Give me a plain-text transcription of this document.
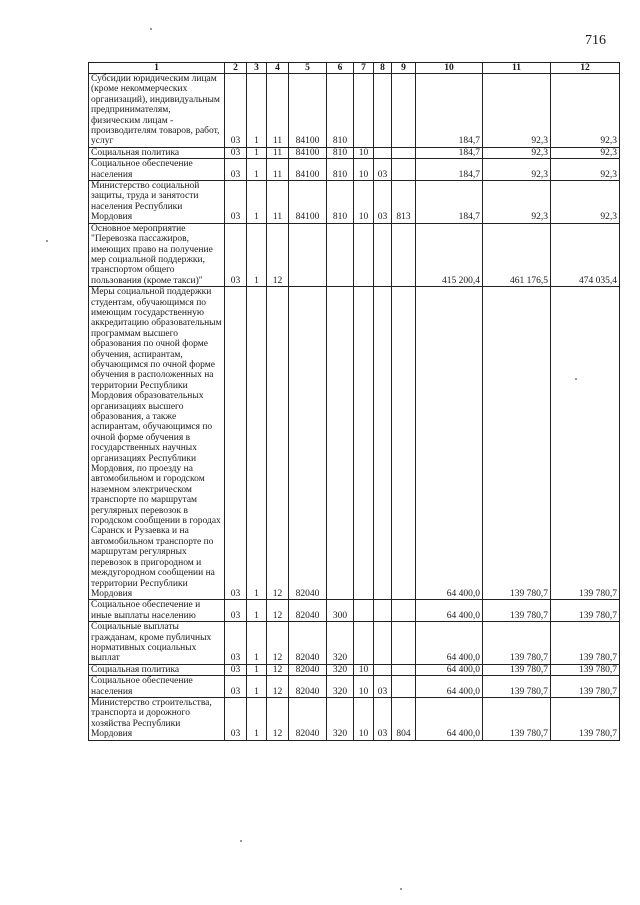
716
1	2	3	4	5	6	7	8	9	10	11	12
Субсидии юридическим лицам (кроме некоммерческих организаций), индивидуальным предпринимателям, физическим лицам - производителям товаров, работ, услуг	03	1	11	84100	810				184,7	92,3	92,3
Социальная политика	03	1	11	84100	810	10			184,7	92,3	92,3
Социальное обеспечение населения	03	1	11	84100	810	10	03		184,7	92,3	92,3
Министерство социальной защиты, труда и занятости населения Республики Мордовия	03	1	11	84100	810	10	03	813	184,7	92,3	92,3
Основное мероприятие "Перевозка пассажиров, имеющих право на получение мер социальной поддержки, транспортом общего пользования (кроме такси)"	03	1	12						415 200,4	461 176,5	474 035,4
Меры социальной поддержки студентам, обучающимся по имеющим государственную аккредитацию образовательным программам высшего образования по очной форме обучения, аспирантам, обучающимся по очной форме обучения в расположенных на территории Республики Мордовия образовательных организациях высшего образования, а также аспирантам, обучающимся по очной форме обучения в государственных научных организациях Республики Мордовия, по проезду на автомобильном и городском наземном электрическом транспорте по маршрутам регулярных перевозок в городском сообщении в городах Саранск и Рузаевка и на автомобильном транспорте по маршрутам регулярных перевозок в пригородном и междугородном сообщении на территории Республики Мордовия	03	1	12	82040					64 400,0	139 780,7	139 780,7
Социальное обеспечение и иные выплаты населению	03	1	12	82040	300				64 400,0	139 780,7	139 780,7
Социальные выплаты гражданам, кроме публичных нормативных социальных выплат	03	1	12	82040	320				64 400,0	139 780,7	139 780,7
Социальная политика	03	1	12	82040	320	10			64 400,0	139 780,7	139 780,7
Социальное обеспечение населения	03	1	12	82040	320	10	03		64 400,0	139 780,7	139 780,7
Министерство строительства, транспорта и дорожного хозяйства Республики Мордовия	03	1	12	82040	320	10	03	804	64 400,0	139 780,7	139 780,7
